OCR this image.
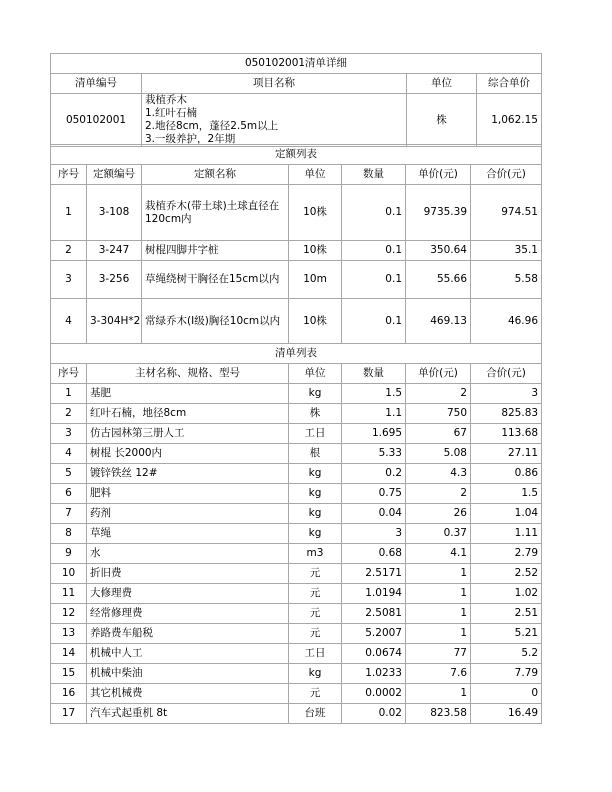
050102001清单详细			
清单编号	项目名称	单位	综合单价
050102001	栽植乔木
1.红叶石楠
2.地径8cm，蓬径2.5m以上
3.一级养护，2年期	株	1,062.15
定额列表						
序号	定额编号	定额名称	单位	数量	单价(元)	合价(元)
1	3-108	栽植乔木(带土球)土球直径在120cm内	10株	0.1	9735.39	974.51
2	3-247	树棍四脚井字桩	10株	0.1	350.64	35.1
3	3-256	草绳绕树干胸径在15cm以内	10m	0.1	55.66	5.58
4	3-304H*2	常绿乔木(I级)胸径10cm以内	10株	0.1	469.13	46.96
清单列表					
序号	主材名称、规格、型号	单位	数量	单价(元)	合价(元)
1	基肥	kg	1.5	2	3
2	红叶石楠，地径8cm	株	1.1	750	825.83
3	仿古园林第三册人工	工日	1.695	67	113.68
4	树棍 长2000内	根	5.33	5.08	27.11
5	镀锌铁丝 12#	kg	0.2	4.3	0.86
6	肥料	kg	0.75	2	1.5
7	药剂	kg	0.04	26	1.04
8	草绳	kg	3	0.37	1.11
9	水	m3	0.68	4.1	2.79
10	折旧费	元	2.5171	1	2.52
11	大修理费	元	1.0194	1	1.02
12	经常修理费	元	2.5081	1	2.51
13	养路费车船税	元	5.2007	1	5.21
14	机械中人工	工日	0.0674	77	5.2
15	机械中柴油	kg	1.0233	7.6	7.79
16	其它机械费	元	0.0002	1	0
17	汽车式起重机 8t	台班	0.02	823.58	16.49
